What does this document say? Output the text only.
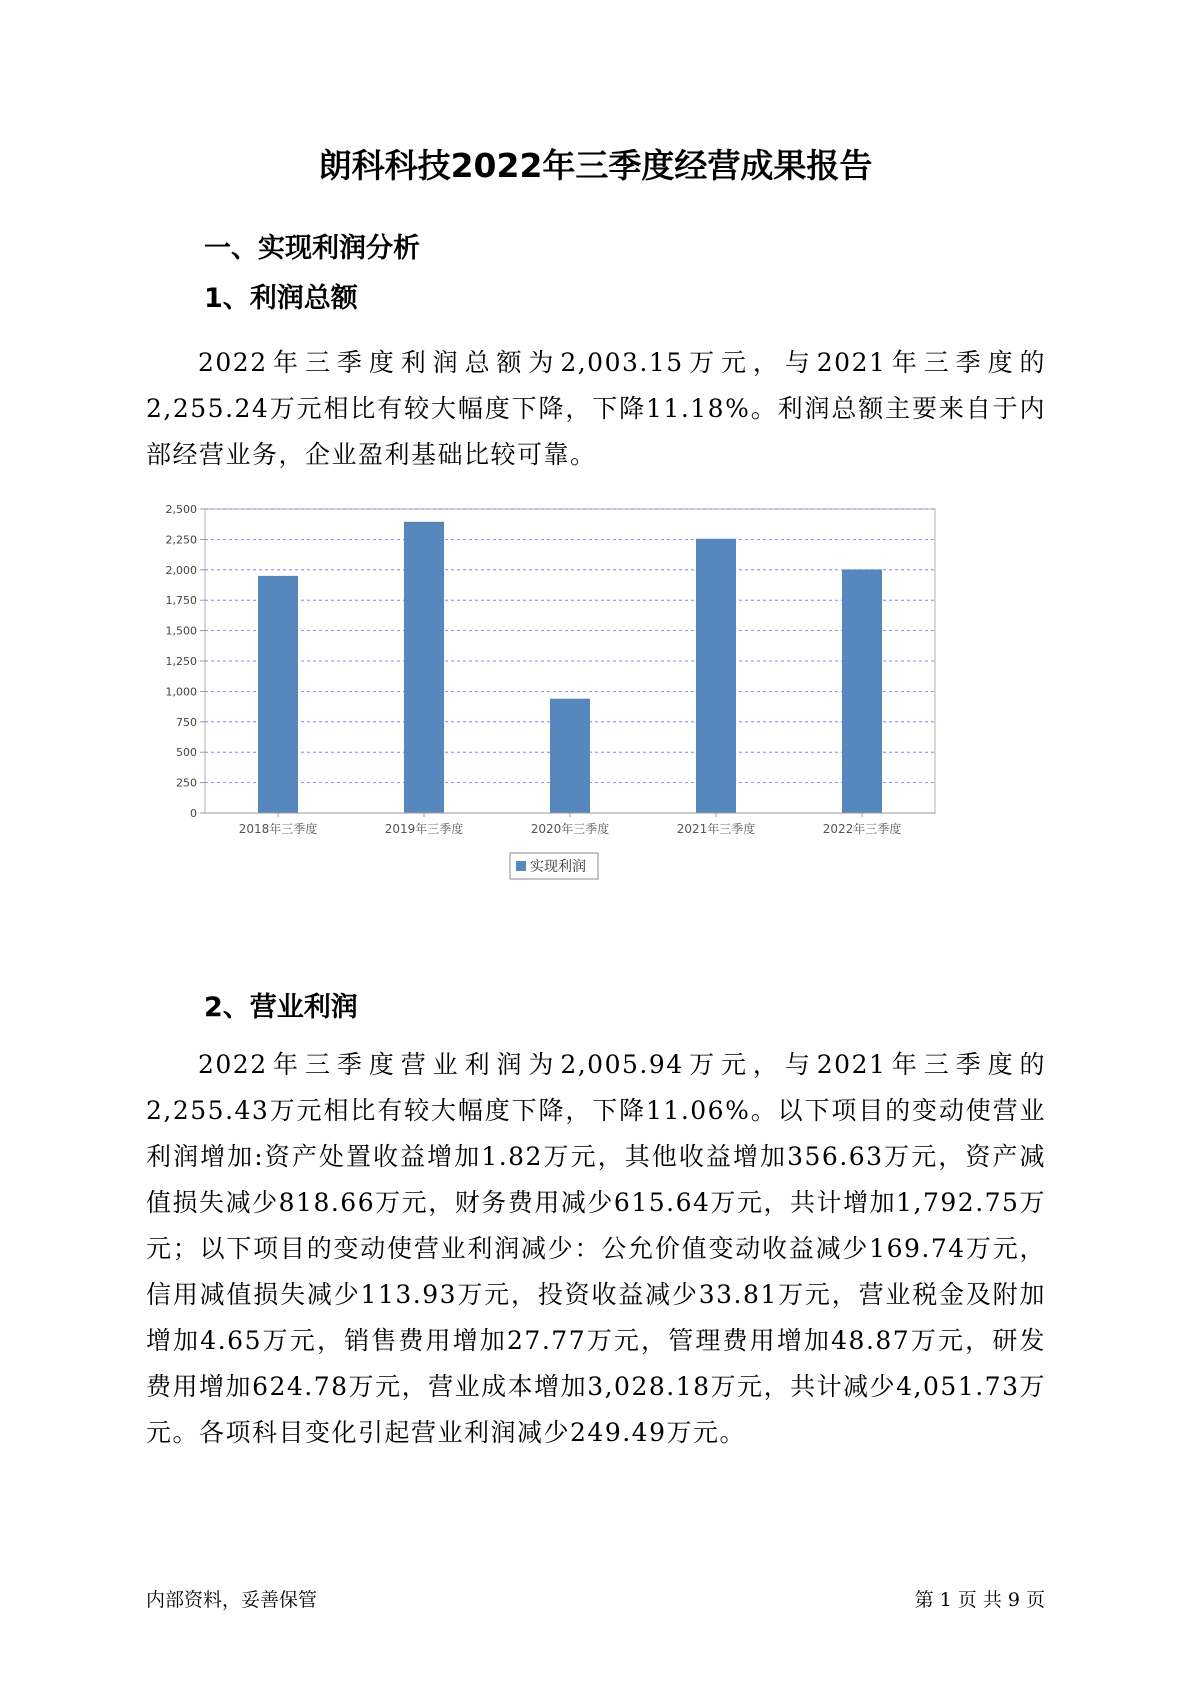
朗科科技2022年三季度经营成果报告
一、实现利润分析
1、利润总额

2022年三季度利润总额为2,003.15万元，与2021年三季度的2,255.24万元相比有较大幅度下降，下降11.18%。利润总额主要来自于内部经营业务，企业盈利基础比较可靠。

0
250
500
750
1,000
1,250
1,500
1,750
2,000
2,250
2,500
2018年三季度	2019年三季度	2020年三季度	2021年三季度	2022年三季度
实现利润
2、营业利润

2022年三季度营业利润为2,005.94万元，与2021年三季度的2,255.43万元相比有较大幅度下降，下降11.06%。以下项目的变动使营业利润增加:资产处置收益增加1.82万元，其他收益增加356.63万元，资产减值损失减少818.66万元，财务费用减少615.64万元，共计增加1,792.75万元；以下项目的变动使营业利润减少：公允价值变动收益减少169.74万元，信用减值损失减少113.93万元，投资收益减少33.81万元，营业税金及附加增加4.65万元，销售费用增加27.77万元，管理费用增加48.87万元，研发费用增加624.78万元，营业成本增加3,028.18万元，共计减少4,051.73万元。各项科目变化引起营业利润减少249.49万元。

内部资料，妥善保管	第 1 页 共 9 页
